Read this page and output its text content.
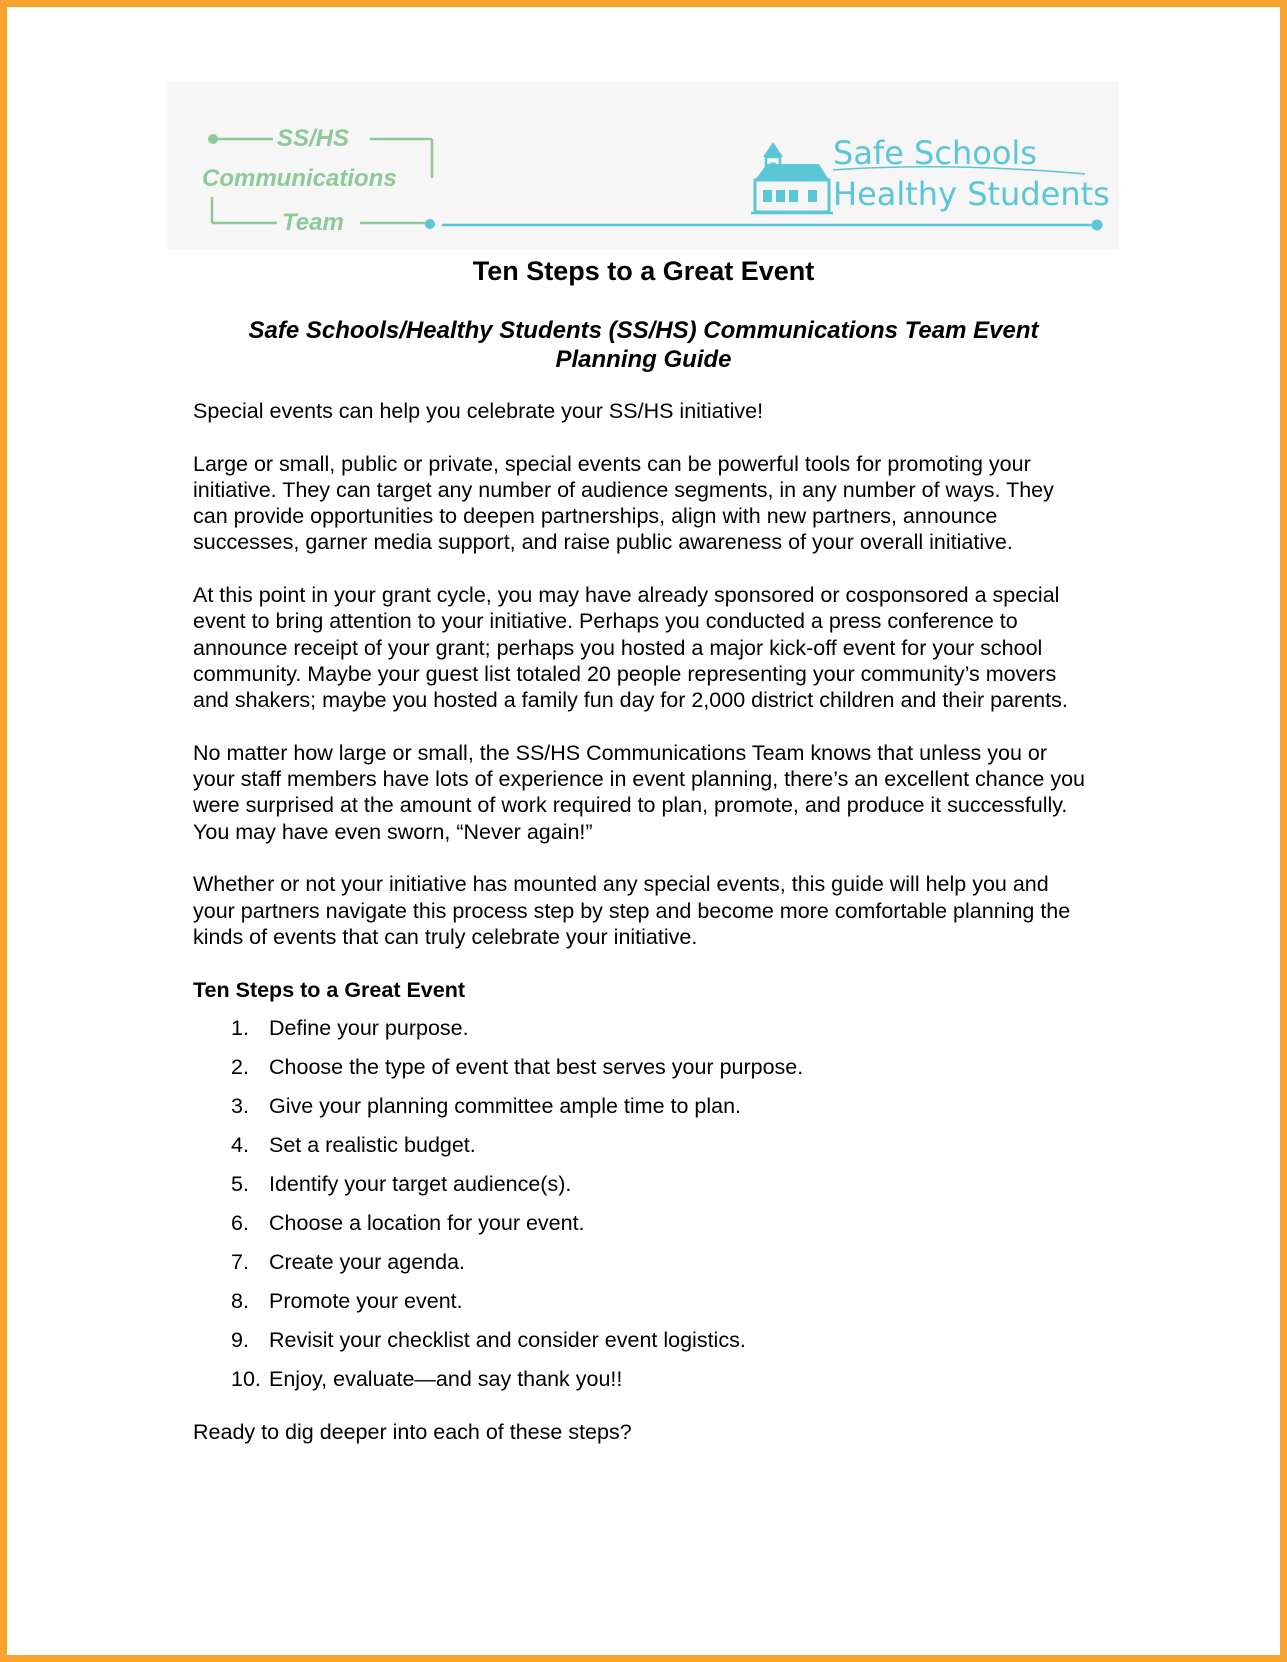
SS/HS
Communications
Team
Safe Schools
Healthy Students
Ten Steps to a Great Event
Safe Schools/Healthy Students (SS/HS) Communications Team Event Planning Guide

Special events can help you celebrate your SS/HS initiative!

Large or small, public or private, special events can be powerful tools for promoting your initiative. They can target any number of audience segments, in any number of ways. They can provide opportunities to deepen partnerships, align with new partners, announce successes, garner media support, and raise public awareness of your overall initiative.

At this point in your grant cycle, you may have already sponsored or cosponsored a special event to bring attention to your initiative. Perhaps you conducted a press conference to announce receipt of your grant; perhaps you hosted a major kick-off event for your school community. Maybe your guest list totaled 20 people representing your community’s movers and shakers; maybe you hosted a family fun day for 2,000 district children and their parents.

No matter how large or small, the SS/HS Communications Team knows that unless you or your staff members have lots of experience in event planning, there’s an excellent chance you were surprised at the amount of work required to plan, promote, and produce it successfully. You may have even sworn, “Never again!”

Whether or not your initiative has mounted any special events, this guide will help you and your partners navigate this process step by step and become more comfortable planning the kinds of events that can truly celebrate your initiative.

Ten Steps to a Great Event
1. Define your purpose.
2. Choose the type of event that best serves your purpose.
3. Give your planning committee ample time to plan.
4. Set a realistic budget.
5. Identify your target audience(s).
6. Choose a location for your event.
7. Create your agenda.
8. Promote your event.
9. Revisit your checklist and consider event logistics.
10. Enjoy, evaluate—and say thank you!!

Ready to dig deeper into each of these steps?
